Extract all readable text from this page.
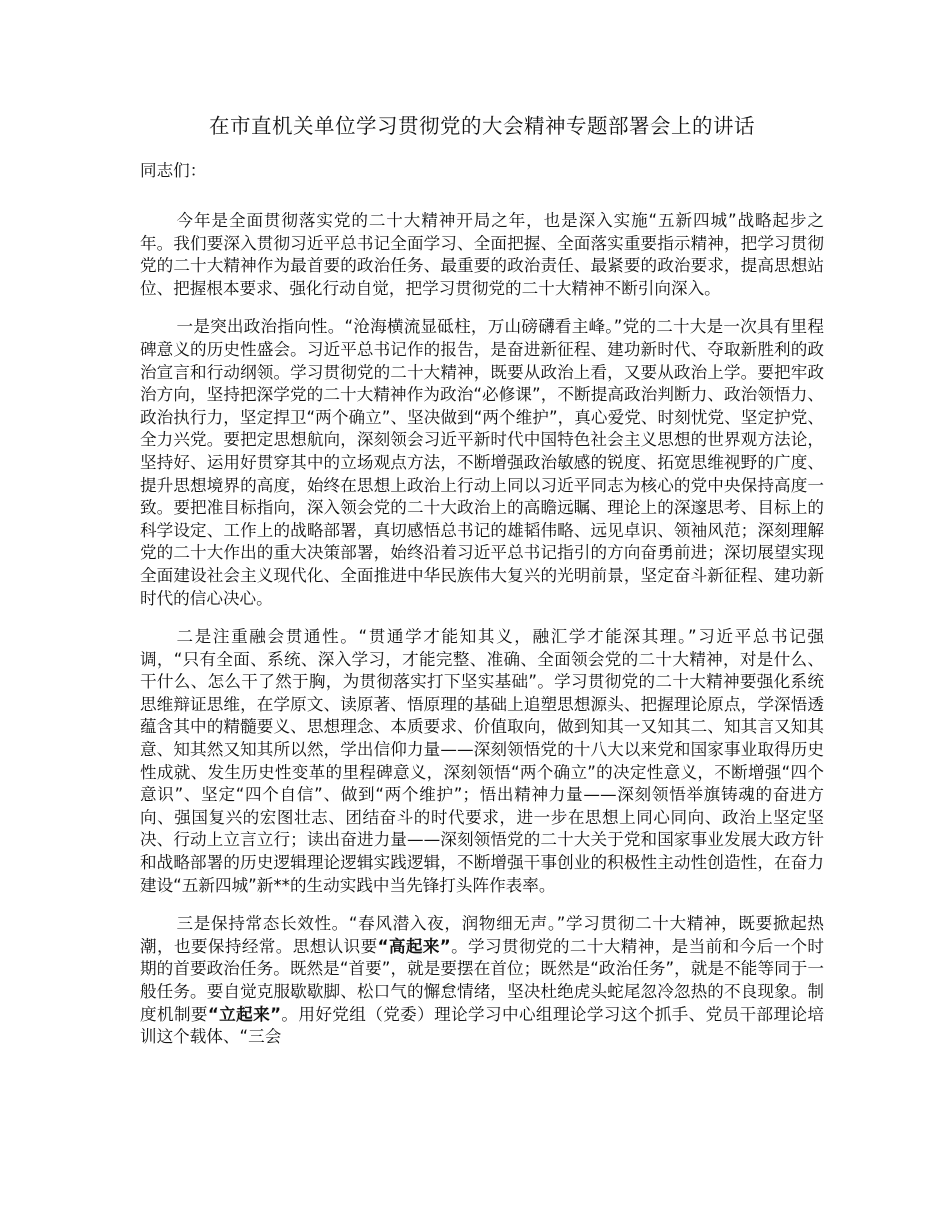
在市直机关单位学习贯彻党的大会精神专题部署会上的讲话
同志们：

今年是全面贯彻落实党的二十大精神开局之年，也是深入实施“五新四城”战略起步之年。我们要深入贯彻习近平总书记全面学习、全面把握、全面落实重要指示精神，把学习贯彻党的二十大精神作为最首要的政治任务、最重要的政治责任、最紧要的政治要求，提高思想站位、把握根本要求、强化行动自觉，把学习贯彻党的二十大精神不断引向深入。

一是突出政治指向性。“沧海横流显砥柱，万山磅礴看主峰。”党的二十大是一次具有里程碑意义的历史性盛会。习近平总书记作的报告，是奋进新征程、建功新时代、夺取新胜利的政治宣言和行动纲领。学习贯彻党的二十大精神，既要从政治上看，又要从政治上学。要把牢政治方向，坚持把深学党的二十大精神作为政治“必修课”，不断提高政治判断力、政治领悟力、政治执行力，坚定捍卫“两个确立”、坚决做到“两个维护”，真心爱党、时刻忧党、坚定护党、全力兴党。要把定思想航向，深刻领会习近平新时代中国特色社会主义思想的世界观方法论，坚持好、运用好贯穿其中的立场观点方法，不断增强政治敏感的锐度、拓宽思维视野的广度、提升思想境界的高度，始终在思想上政治上行动上同以习近平同志为核心的党中央保持高度一致。要把准目标指向，深入领会党的二十大政治上的高瞻远瞩、理论上的深邃思考、目标上的科学设定、工作上的战略部署，真切感悟总书记的雄韬伟略、远见卓识、领袖风范；深刻理解党的二十大作出的重大决策部署，始终沿着习近平总书记指引的方向奋勇前进；深切展望实现全面建设社会主义现代化、全面推进中华民族伟大复兴的光明前景，坚定奋斗新征程、建功新时代的信心决心。

二是注重融会贯通性。“贯通学才能知其义，融汇学才能深其理。”习近平总书记强调，“只有全面、系统、深入学习，才能完整、准确、全面领会党的二十大精神，对是什么、干什么、怎么干了然于胸，为贯彻落实打下坚实基础”。学习贯彻党的二十大精神要强化系统思维辩证思维，在学原文、读原著、悟原理的基础上追塑思想源头、把握理论原点，学深悟透蕴含其中的精髓要义、思想理念、本质要求、价值取向，做到知其一又知其二、知其言又知其意、知其然又知其所以然，学出信仰力量——深刻领悟党的十八大以来党和国家事业取得历史性成就、发生历史性变革的里程碑意义，深刻领悟“两个确立”的决定性意义，不断增强“四个意识”、坚定“四个自信”、做到“两个维护”；悟出精神力量——深刻领悟举旗铸魂的奋进方向、强国复兴的宏图壮志、团结奋斗的时代要求，进一步在思想上同心同向、政治上坚定坚决、行动上立言立行；读出奋进力量——深刻领悟党的二十大关于党和国家事业发展大政方针和战略部署的历史逻辑理论逻辑实践逻辑，不断增强干事创业的积极性主动性创造性，在奋力建设“五新四城”新**的生动实践中当先锋打头阵作表率。

三是保持常态长效性。“春风潜入夜，润物细无声。”学习贯彻二十大精神，既要掀起热潮，也要保持经常。思想认识要“高起来”。学习贯彻党的二十大精神，是当前和今后一个时期的首要政治任务。既然是“首要”，就是要摆在首位；既然是“政治任务”，就是不能等同于一般任务。要自觉克服歇歇脚、松口气的懈怠情绪，坚决杜绝虎头蛇尾忽冷忽热的不良现象。制度机制要“立起来”。用好党组（党委）理论学习中心组理论学习这个抓手、党员干部理论培训这个载体、“三会
